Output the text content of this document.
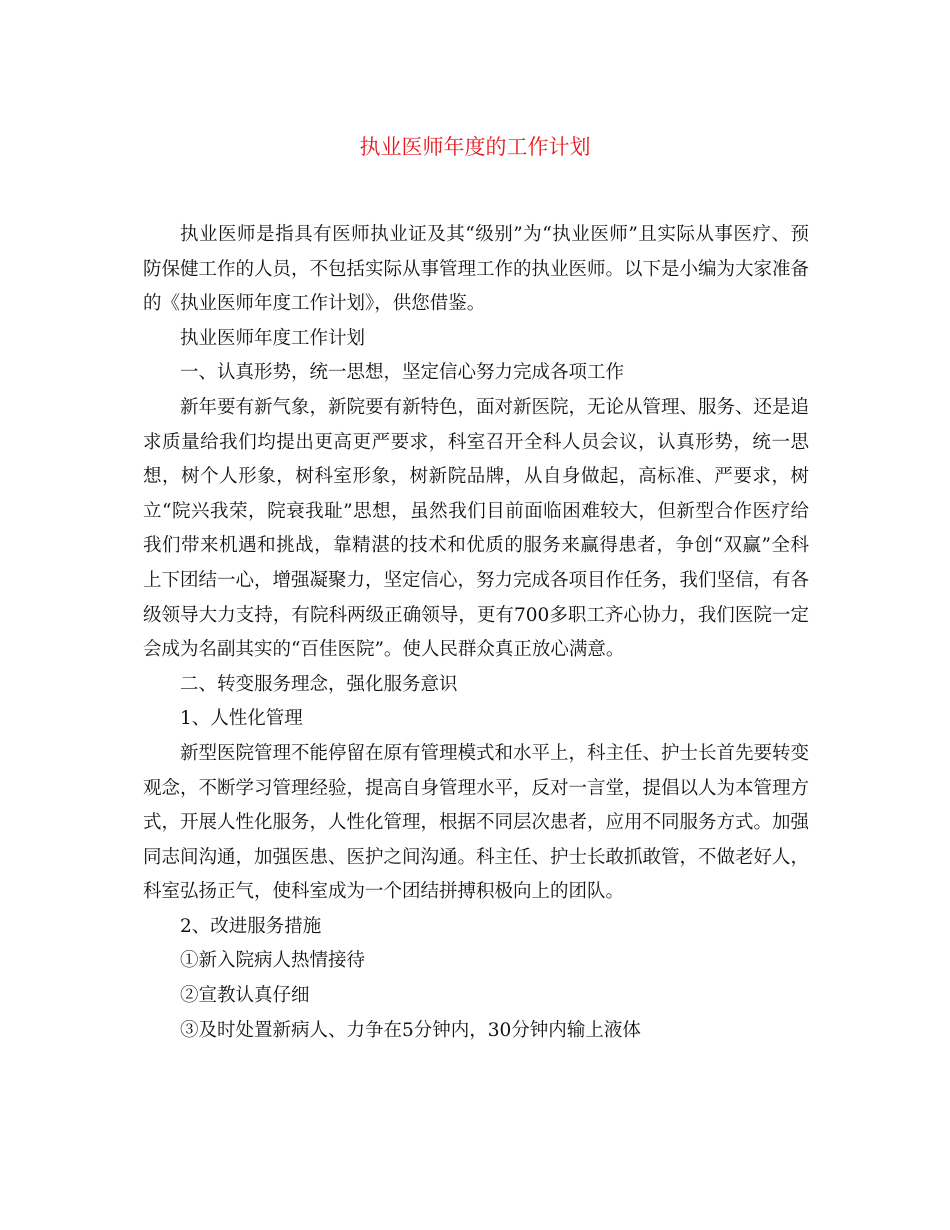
执业医师年度的工作计划

执业医师是指具有医师执业证及其“级别”为“执业医师”且实际从事医疗、预防保健工作的人员，不包括实际从事管理工作的执业医师。以下是小编为大家准备的《执业医师年度工作计划》，供您借鉴。

执业医师年度工作计划

一、认真形势，统一思想，坚定信心努力完成各项工作

新年要有新气象，新院要有新特色，面对新医院，无论从管理、服务、还是追求质量给我们均提出更高更严要求，科室召开全科人员会议，认真形势，统一思想，树个人形象，树科室形象，树新院品牌，从自身做起，高标准、严要求，树立“院兴我荣，院衰我耻”思想，虽然我们目前面临困难较大，但新型合作医疗给我们带来机遇和挑战，靠精湛的技术和优质的服务来赢得患者，争创“双赢”全科上下团结一心，增强凝聚力，坚定信心，努力完成各项目作任务，我们坚信，有各级领导大力支持，有院科两级正确领导，更有700多职工齐心协力，我们医院一定会成为名副其实的“百佳医院”。使人民群众真正放心满意。

二、转变服务理念，强化服务意识

1、人性化管理

新型医院管理不能停留在原有管理模式和水平上，科主任、护士长首先要转变观念，不断学习管理经验，提高自身管理水平，反对一言堂，提倡以人为本管理方式，开展人性化服务，人性化管理，根据不同层次患者，应用不同服务方式。加强同志间沟通，加强医患、医护之间沟通。科主任、护士长敢抓敢管，不做老好人，科室弘扬正气，使科室成为一个团结拼搏积极向上的团队。

2、改进服务措施

①新入院病人热情接待

②宣教认真仔细

③及时处置新病人、力争在5分钟内，30分钟内输上液体
